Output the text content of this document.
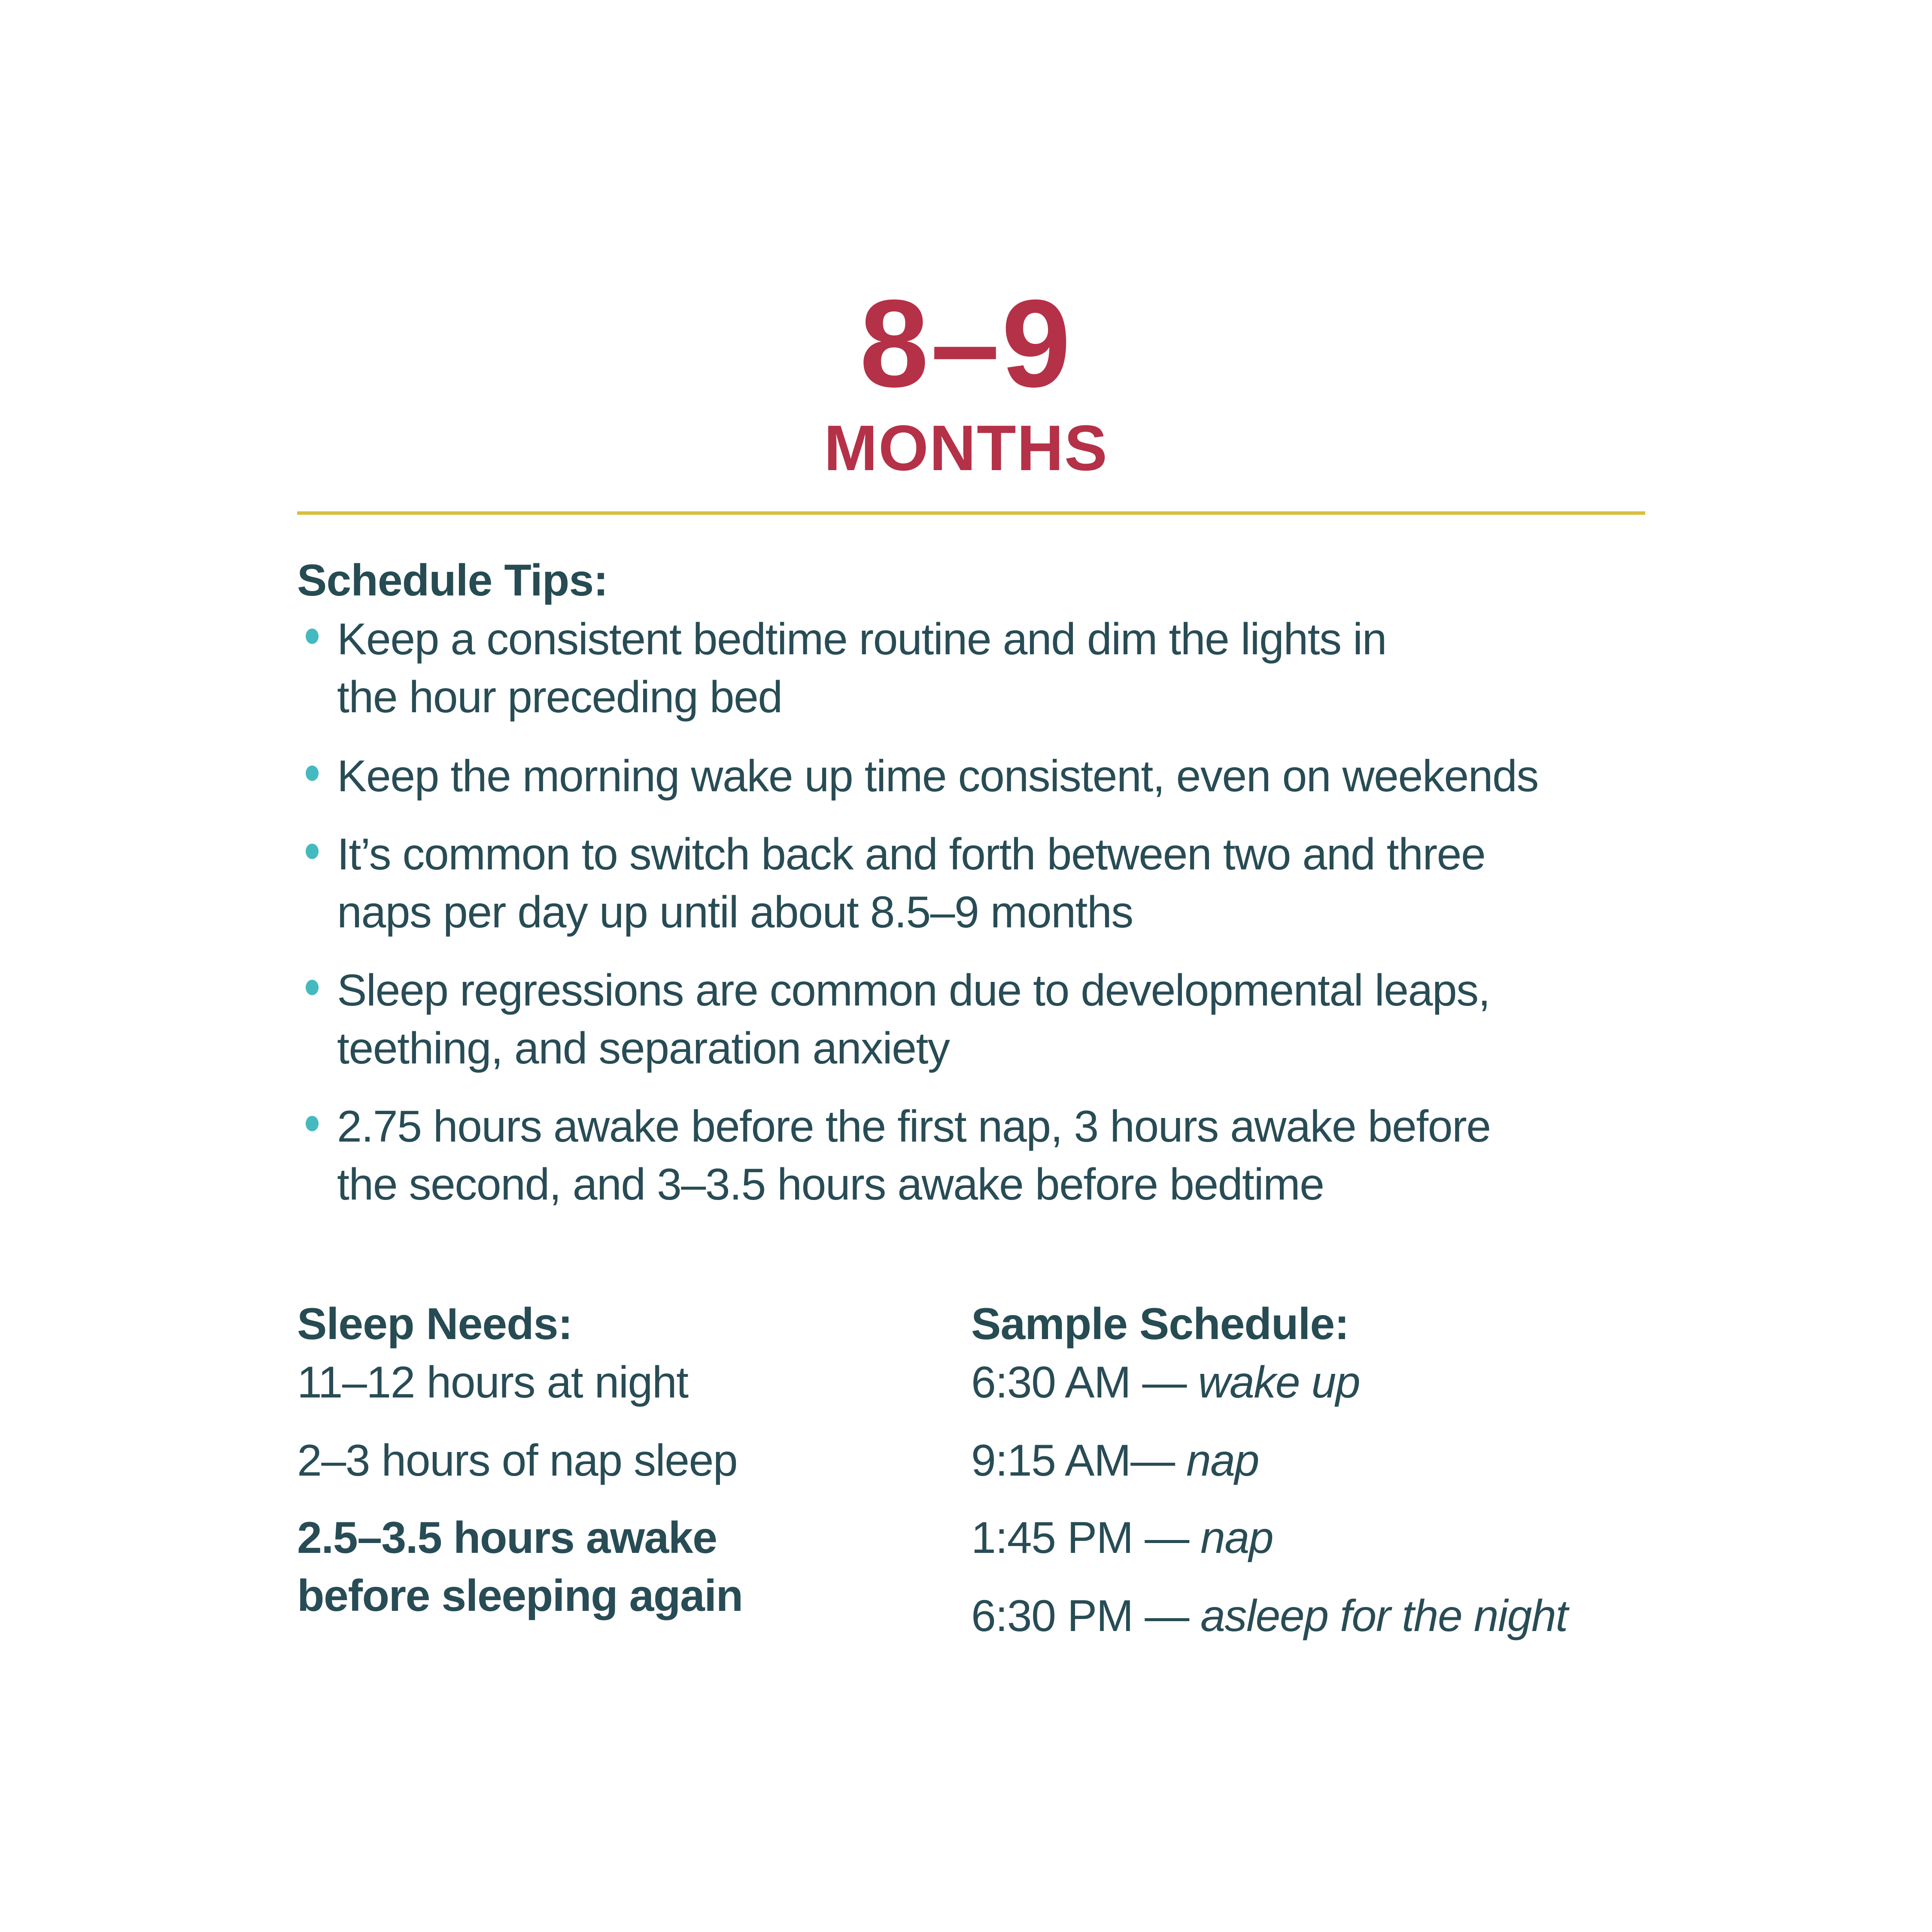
8–9
MONTHS
Schedule Tips:
Keep a consistent bedtime routine and dim the lights in
the hour preceding bed
Keep the morning wake up time consistent, even on weekends
It’s common to switch back and forth between two and three
naps per day up until about 8.5–9 months
Sleep regressions are common due to developmental leaps,
teething, and separation anxiety
2.75 hours awake before the first nap, 3 hours awake before
the second, and 3–3.5 hours awake before bedtime
Sleep Needs:
11–12 hours at night
2–3 hours of nap sleep
2.5–3.5 hours awake
before sleeping again
Sample Schedule:
6:30 AM — wake up
9:15 AM— nap
1:45 PM — nap
6:30 PM — asleep for the night
